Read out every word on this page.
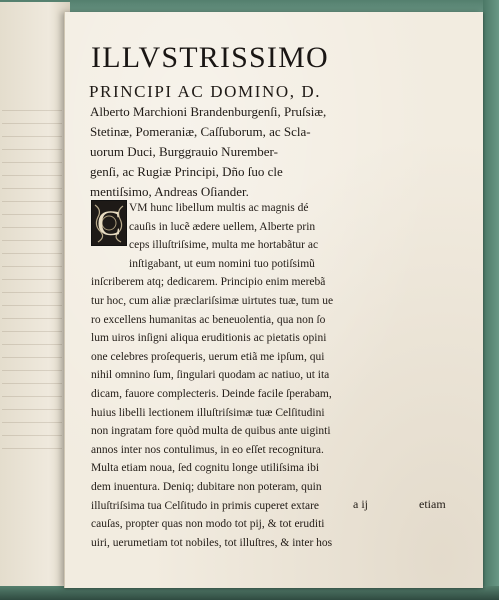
ILLVSTRISSIMO
PRINCIPI AC DOMINO, D.
Alberto Marchioni Brandenburgenſi, Pruſsiæ,
Stetinæ, Pomeraniæ, Caſſuborum, ac Scla-
uorum Duci, Burggrauio Nurember-
genſi, ac Rugiæ Principi, Dño ſuo cle
mentiſsimo, Andreas Oſiander.
C VM hunc libellum multis ac magnis dé
cauſis in lucẽ ædere uellem, Alberte prin
ceps illuſtriſsime, multa me hortabãtur ac
inſtigabant, ut eum nomini tuo potiſsimũ
inſcriberem atq; dedicarem. Principio enim merebã
tur hoc, cum aliæ præclariſsimæ uirtutes tuæ, tum ue
ro excellens humanitas ac beneuolentia, qua non ſo
lum uiros inſigni aliqua eruditionis ac pietatis opini
one celebres proſequeris, uerum etiã me ipſum, qui
nihil omnino ſum, ſingulari quodam ac natiuo, ut ita
dicam, fauore complecteris. Deinde facile ſperabam,
huius libelli lectionem illuſtriſsimæ tuæ Celſitudini
non ingratam fore quòd multa de quibus ante uiginti
annos inter nos contulimus, in eo eſſet recognitura.
Multa etiam noua, ſed cognitu longe utiliſsima ibi
dem inuentura. Deniq; dubitare non poteram, quin
illuſtriſsima tua Celſitudo in primis cuperet extare
cauſas, propter quas non modo tot pij, & tot eruditi
uiri, uerumetiam tot nobiles, tot illuſtres, & inter hos
a ij	etiam
